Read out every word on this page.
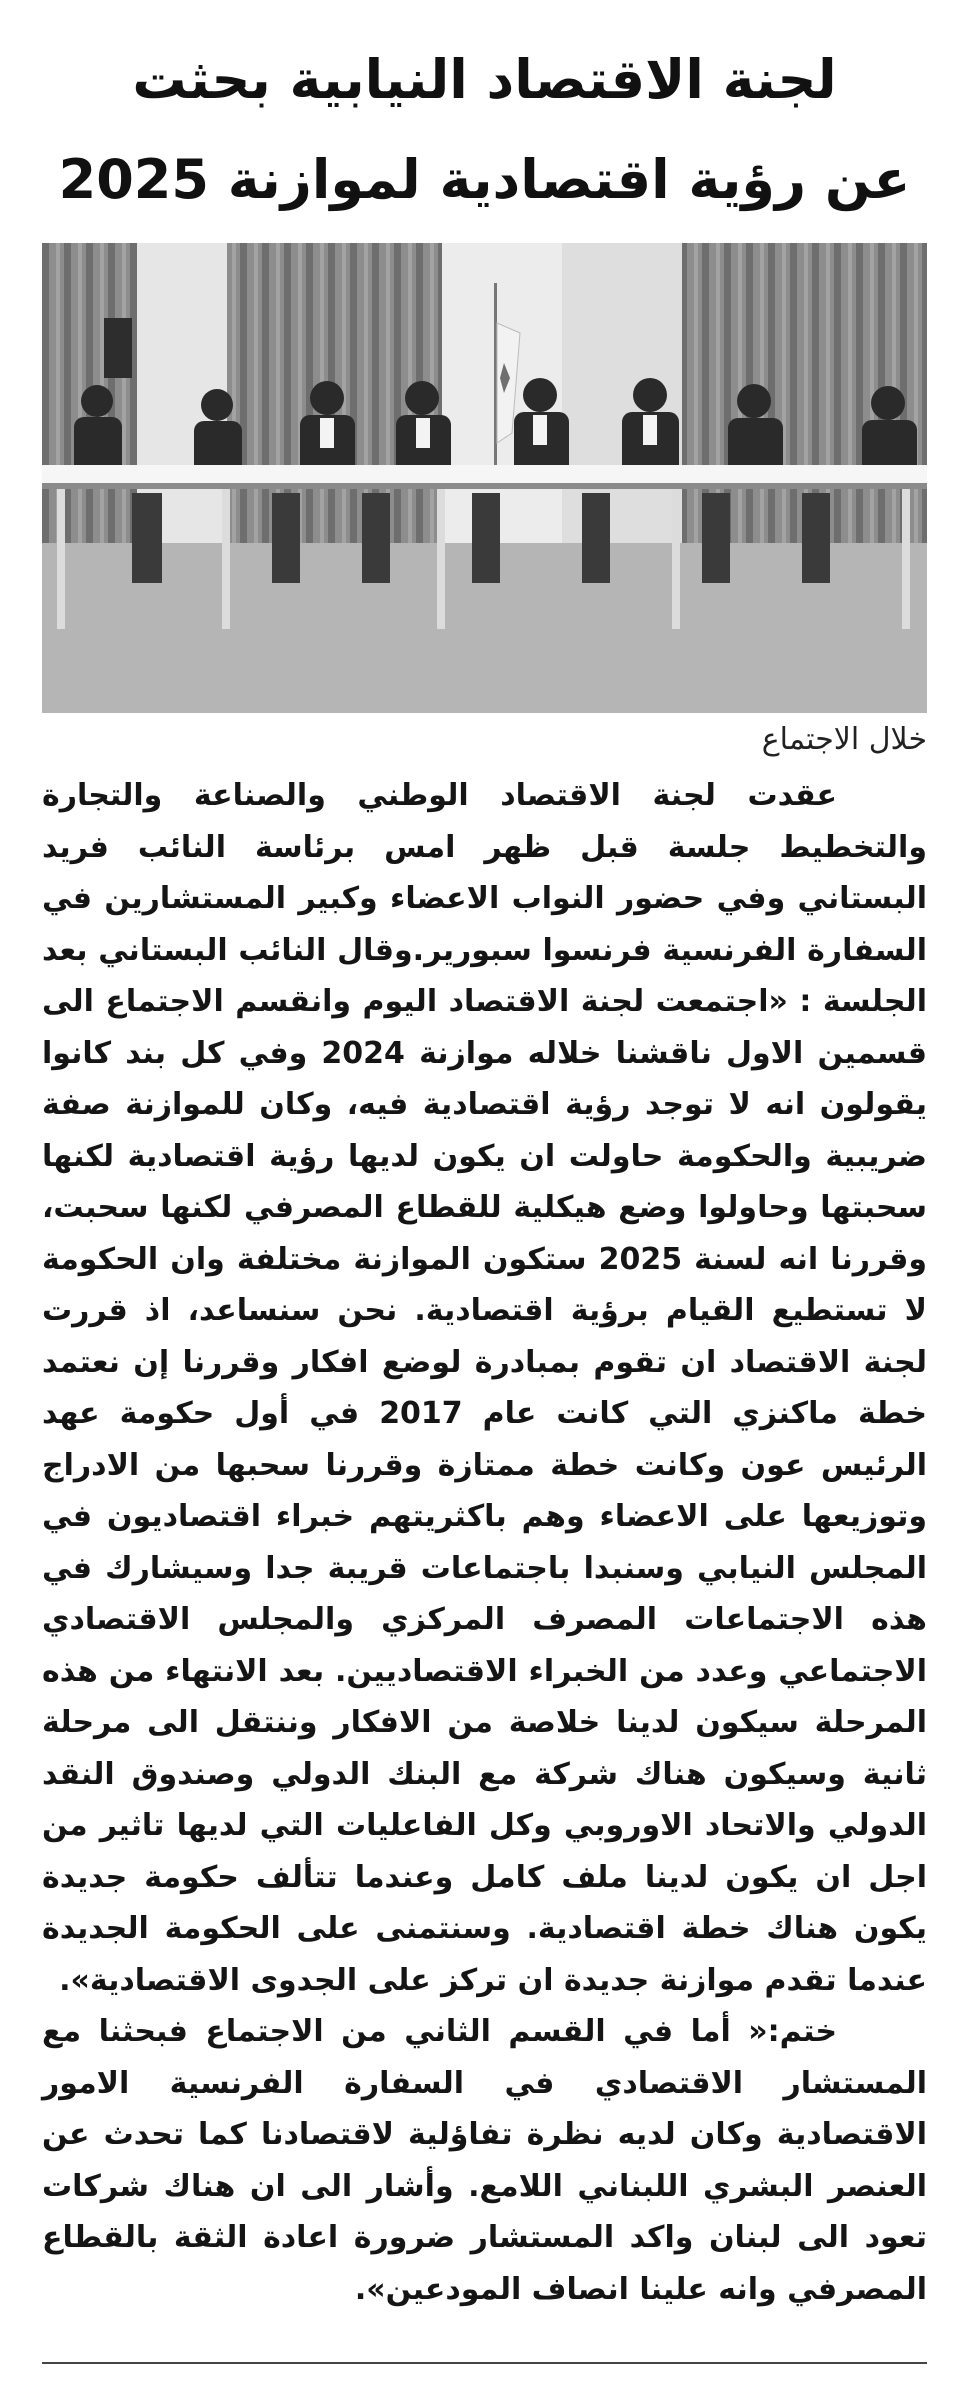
لجنة الاقتصاد النيابية بحثت
عن رؤية اقتصادية لموازنة 2025
خلال الاجتماع

عقدت لجنة الاقتصاد الوطني والصناعة والتجارة والتخطيط جلسة قبل ظهر امس برئاسة النائب فريد البستاني وفي حضور النواب الاعضاء وكبير المستشارين في السفارة الفرنسية فرنسوا سبورير.وقال النائب البستاني بعد الجلسة : «اجتمعت لجنة الاقتصاد اليوم وانقسم الاجتماع الى قسمين الاول ناقشنا خلاله موازنة 2024 وفي كل بند كانوا يقولون انه لا توجد رؤية اقتصادية فيه، وكان للموازنة صفة ضريبية والحكومة حاولت ان يكون لديها رؤية اقتصادية لكنها سحبتها وحاولوا وضع هيكلية للقطاع المصرفي لكنها سحبت، وقررنا انه لسنة 2025 ستكون الموازنة مختلفة وان الحكومة لا تستطيع القيام برؤية اقتصادية. نحن سنساعد، اذ قررت لجنة الاقتصاد ان تقوم بمبادرة لوضع افكار وقررنا إن نعتمد خطة ماكنزي التي كانت عام 2017 في أول حكومة عهد الرئيس عون وكانت خطة ممتازة وقررنا سحبها من الادراج وتوزيعها على الاعضاء وهم باكثريتهم خبراء اقتصاديون في المجلس النيابي وسنبدا باجتماعات قريبة جدا وسيشارك في هذه الاجتماعات المصرف المركزي والمجلس الاقتصادي الاجتماعي وعدد من الخبراء الاقتصاديين. بعد الانتهاء من هذه المرحلة سيكون لدينا خلاصة من الافكار وننتقل الى مرحلة ثانية وسيكون هناك شركة مع البنك الدولي وصندوق النقد الدولي والاتحاد الاوروبي وكل الفاعليات التي لديها تاثير من اجل ان يكون لدينا ملف كامل وعندما تتألف حكومة جديدة يكون هناك خطة اقتصادية. وسنتمنى على الحكومة الجديدة عندما تقدم موازنة جديدة ان تركز على الجدوى الاقتصادية».

ختم:« أما في القسم الثاني من الاجتماع فبحثنا مع المستشار الاقتصادي في السفارة الفرنسية الامور الاقتصادية وكان لديه نظرة تفاؤلية لاقتصادنا كما تحدث عن العنصر البشري اللبناني اللامع. وأشار الى ان هناك شركات تعود الى لبنان واكد المستشار ضرورة اعادة الثقة بالقطاع المصرفي وانه علينا انصاف المودعين».
